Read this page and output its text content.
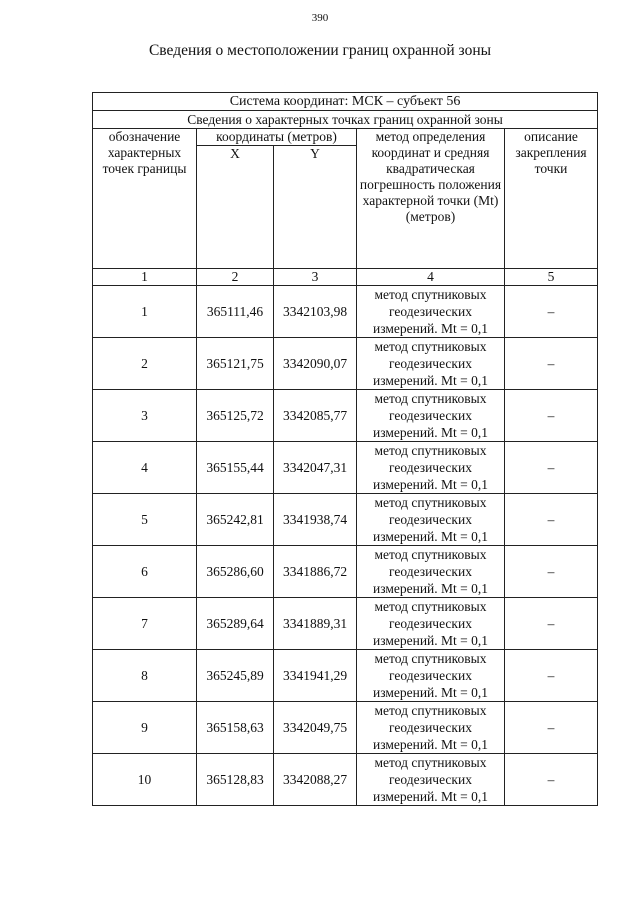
390
Сведения о местоположении границ охранной зоны
Система координат: МСК – субъект 56				
Сведения о характерных точках границ охранной зоны				
обозначение характерных точек границы	координаты (метров)		метод определения координат и средняя квадратическая погрешность положения характерной точки (Mt) (метров)	описание закрепления точки
	X	Y		
1	2	3	4	5
1	365111,46	3342103,98	метод спутниковых геодезических измерений. Mt = 0,1	–
2	365121,75	3342090,07	метод спутниковых геодезических измерений. Mt = 0,1	–
3	365125,72	3342085,77	метод спутниковых геодезических измерений. Mt = 0,1	–
4	365155,44	3342047,31	метод спутниковых геодезических измерений. Mt = 0,1	–
5	365242,81	3341938,74	метод спутниковых геодезических измерений. Mt = 0,1	–
6	365286,60	3341886,72	метод спутниковых геодезических измерений. Mt = 0,1	–
7	365289,64	3341889,31	метод спутниковых геодезических измерений. Mt = 0,1	–
8	365245,89	3341941,29	метод спутниковых геодезических измерений. Mt = 0,1	–
9	365158,63	3342049,75	метод спутниковых геодезических измерений. Mt = 0,1	–
10	365128,83	3342088,27	метод спутниковых геодезических измерений. Mt = 0,1	–
